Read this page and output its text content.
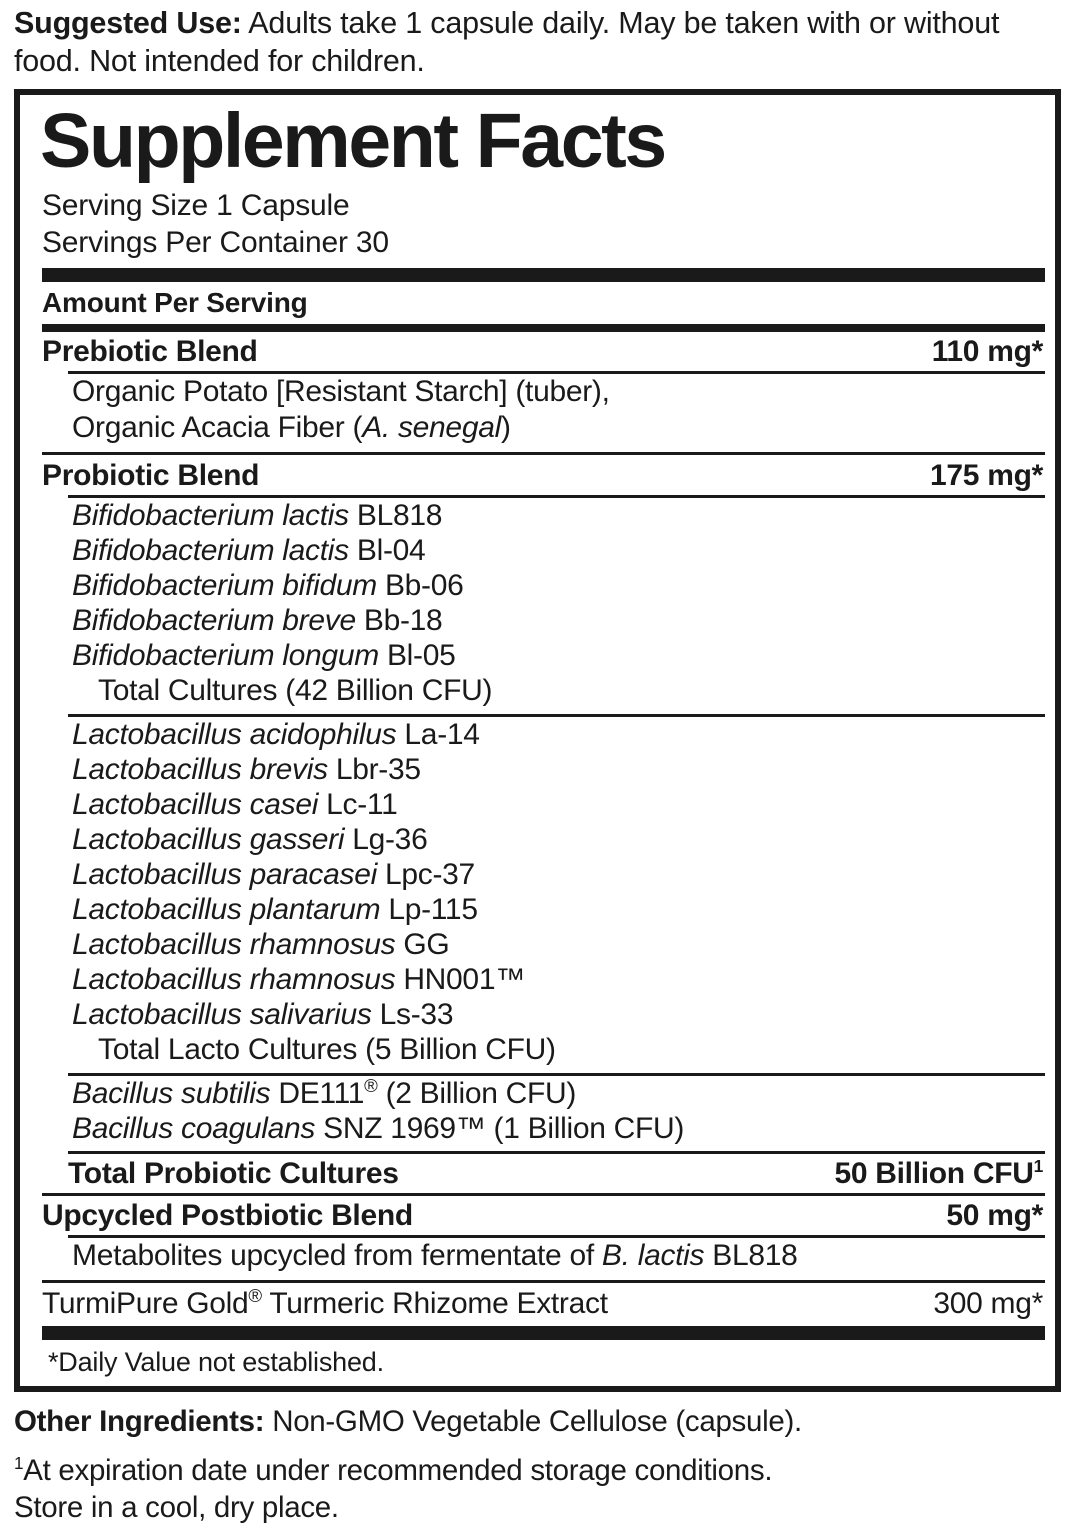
Suggested Use: Adults take 1 capsule daily. May be taken with or without food. Not intended for children.
Supplement Facts
Serving Size 1 Capsule
Servings Per Container 30
Amount Per Serving
Prebiotic Blend	110 mg*
Organic Potato [Resistant Starch] (tuber),
Organic Acacia Fiber (A. senegal)
Probiotic Blend	175 mg*
Bifidobacterium lactis BL818
Bifidobacterium lactis Bl-04
Bifidobacterium bifidum Bb-06
Bifidobacterium breve Bb-18
Bifidobacterium longum Bl-05
Total Cultures (42 Billion CFU)
Lactobacillus acidophilus La-14
Lactobacillus brevis Lbr-35
Lactobacillus casei Lc-11
Lactobacillus gasseri Lg-36
Lactobacillus paracasei Lpc-37
Lactobacillus plantarum Lp-115
Lactobacillus rhamnosus GG
Lactobacillus rhamnosus HN001™
Lactobacillus salivarius Ls-33
Total Lacto Cultures (5 Billion CFU)
Bacillus subtilis DE111® (2 Billion CFU)
Bacillus coagulans SNZ 1969™ (1 Billion CFU)
Total Probiotic Cultures	50 Billion CFU$^1$
Upcycled Postbiotic Blend	50 mg*
Metabolites upcycled from fermentate of B. lactis BL818
TurmiPure Gold® Turmeric Rhizome Extract	300 mg*
*Daily Value not established.
Other Ingredients: Non-GMO Vegetable Cellulose (capsule).
$^1$At expiration date under recommended storage conditions.
Store in a cool, dry place.
